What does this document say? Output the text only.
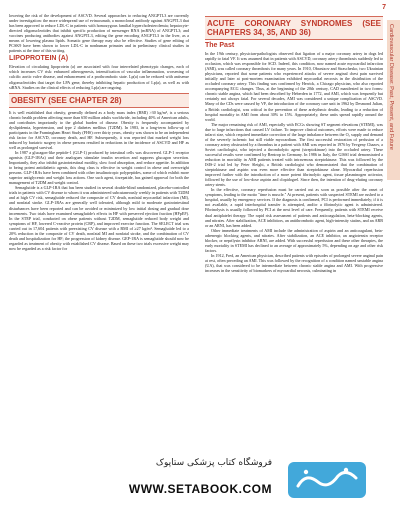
7
Cardiovascular Disease: Past, Present, and Future

lowering the risk of the development of ASCVD. Several approaches to reducing ANGPTL3 are currently under investigation: the more widespread use of evinacumab, a monoclonal antibody against ANGPTL3 that has been approved to reduce LDL-C in patients with homozygous familial hypercholesterolemia; hepatocyte-directed oligonucleotides that inhibit specific production of messenger RNA (mRNA) of ANGPTL3; and vaccines producing antibodies against ANGPTL3, editing the gene encoding ANGPTL3 in the liver, as a means of lowering plasma lipids. Somatic gene therapy may also be effective. Studies of gene editing of PCSK9 have been shown to lower LDL-C in nonhuman primates and in preliminary clinical studies in patients at the time of this writing.

LIPOPROTEIN (A)

Elevation of circulating lipoprotein (a) are associated with four interrelated phenotypic changes, each of which increases CV risk: enhanced atherogenesis, intensification of vascular inflammation, worsening of calcific aortic valve disease, and enhancement of a prothrombotic state. Lp(a) can be reduced with antisense oligonucleotides that target the LPA gene, thereby inhibiting hepatic production of Lp(a), as well as with siRNA. Studies on the clinical effects of reducing Lp(a) are ongoing.

OBESITY (SEE CHAPTER 28)

It is well established that obesity, generally defined as a body mass index (BMI) >30 kg/m², is a serious chronic health problem affecting more than 650 million adults worldwide, including 40% of American adults, and contributes importantly to the global burden of disease. Obesity is frequently accompanied by dyslipidemia, hypertension, and type 2 diabetes mellitus (T2DM). In 1983, in a long-term follow-up of participants in the Framingham Heart Study (FHS) over thirty years, obesity was shown to be an independent risk factor for ASCVD, coronary death, and HF. Subsequently, it was reported that marked weight loss induced by bariatric surgery in obese persons resulted in reductions in the incidence of ASCVD and HF as well as prolonged survival.

In 1987 a glucagon-like peptide-1 (GLP-1) produced by intestinal cells was discovered. GLP-1 receptor agonists (GLP-1RAs) and their analogues stimulate insulin secretion and suppress glucagon secretion. Importantly, they also inhibit gastrointestinal motility, slow food absorption, and reduce appetite. In addition to being potent antidiabetic agents, this drug class is effective in weight control in obese and overweight persons. GLP-1RAs have been combined with other insulinotropic polypeptides, some of which exhibit more superior antiglycemic and weight loss actions. One such agent, tirzepatide, has gained approval for both the management of T2DM and weight control.

Semaglutide is a GLP-1RA that has been studied in several double-blind randomized, placebo-controlled trials in patients with CV disease to whom it was administered subcutaneously weekly in patients with T2DM and at high CV risk, semaglutide reduced the composite of CV death, nonfatal myocardial infarction (MI), and nonfatal stroke. GLP-1RAs are generally well tolerated, although mild to moderate gastrointestinal disturbances have been reported and can be avoided or minimized by low initial dosing and gradual dose increments. Two trials have examined semaglutide's effects in HF with preserved ejection fraction (HFpEF). In the STEP trial, conducted on obese patients without T2DM, semaglutide reduced body weight and symptoms of HF, lowered C-reactive protein (CRP), and improved exercise function. The SELECT trial was carried out in 17,604 patients with preexisting CV disease with a BMI of ≥27 kg/m². Semaglutide led to a 20% reduction in the composite of CV death, nonfatal MI and nonfatal stroke, and the combination of CV death and hospitalization for HF; the progression of kidney disease. GEP-1RA is semaglutide should now be regarded as treatment of obesity with established CV disease. Based on these two trials excessive weight may now be regarded as a risk factor for

ACUTE CORONARY SYNDROMES (SEE CHAPTERS 34, 35, AND 36)
The Past

In the 19th century, physician-pathologists observed that ligation of a major coronary artery in dogs led rapidly to fatal VF. It was assumed that in patients with ASCVD, coronary artery thrombosis suddenly led to occlusion, which was responsible for SCD. Indeed, this condition, now named acute myocardial infarction (AMI), was called coronary thrombosis for many years. In 1910, Obrastzov and Straschesko, two Ukrainian physicians, reported that some patients who experienced attacks of severe anginal chest pain survived initially and later at post-mortem examination exhibited myocardial necrosis in the distribution of the occluded coronary artery. This finding was confirmed by Herrick, a Chicago physician, who also reported accompanying ECG changes. Thus, at the beginning of the 20th century, CAD manifested in two forms: chronic stable angina, which had been described by Heberden in 1772, and AMI, which was frequently but certainly not always fatal. For several decades, AMI was considered a unique complication of ASCVD. Many of the CDs were caused by VF, the introduction of the coronary care unit in 1962 by Desmond Julian, a British cardiologist, was critical in the prevention of these arrhythmic deaths, leading to a reduction of hospital mortality in AMI from about 30% to 15%. Appropriately, these units spread rapidly around the world.

The major remaining risk of AMI, especially with ECGs showing ST segment elevations (STEMI), was due to large infarctions that caused LV failure. To improve clinical outcomes, efforts were made to reduce infarct size, which required immediate correction of the large imbalance between the O₂ supply and demand of the severely ischemic but still viable myocardium. The first successful restoration of perfusion of a coronary artery obstructed by a thrombus in a patient with AMI was reported in 1976 by Yevgeny Chazov, a Soviet cardiologist, who injected a thrombolytic agent (streptokinase) into the occluded artery. These successful results were confirmed by Rentrop in Germany. In 1986 in Italy, the GISSI trial demonstrated a reduction in mortality in AMI patients treated with intravenous streptokinase. This was followed by the ISIS-2 trial led by Peter Sleight, a British cardiologist who demonstrated that the combination of streptokinase and aspirin was even more effective than streptokinase alone. Myocardial reperfusion improved further with the introduction of a more potent fibrinolytic agent, tissue plasminogen activator, followed by the use of low-dose aspirin and clopidogrel. Since then, the intention of drug-eluting coronary artery stents.

In the effective, coronary reperfusion must be carried out as soon as possible after the onset of symptoms, leading to the motto "time is muscle." At present, patients with suspected STEMI are rushed to a hospital, usually by emergency services. If the diagnosis is confirmed, PCI is performed immediately; if it is not available, a rapid interhospital transfer is attempted, and/or a fibrinolytic agent is administered. Fibrinolysis is usually followed by PCI at the next level of care. Frequently, patients with STEMI receive dual antiplatelet therapy. The rapid risk assessment of patients and anticoagulation, beta-blocking agents, and nitrates. After stabilization, ACE inhibitors, an antithrombotic agent, high-intensity statins, and an ARB or an ARNI, has been added.

Other immediate treatments of AMI include the administration of aspirin and an anticoagulant, beta-adrenergic blocking agents, and nitrates. After stabilization, an ACE inhibitor, an angiotensin receptor blocker, or neprilysin inhibitor ARNI, are added. With successful reperfusion and these other therapies, the early mortality in STEMI has declined to an average of approximately 5%, depending on age and other risk factors.

In 1912, Fred, an American physician, described patients with episodes of prolonged severe anginal pain at rest, often preceding an AMI. This was followed by the recognition of a condition named unstable angina (UA), that was considered to be intermediate between chronic stable angina and AMI. With progressive increases in the sensitivity of biomarkers of myocardial necrosis, culminating in

فروشگاه کتاب پزشکی ستاپوک
WWW.SETABOOK.COM
